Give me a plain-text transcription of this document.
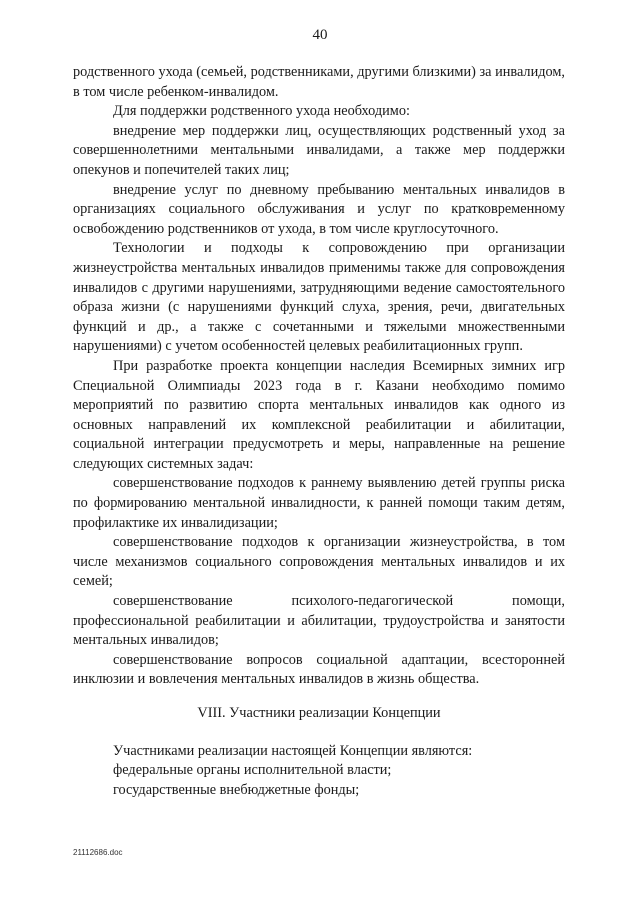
40

родственного ухода (семьей, родственниками, другими близкими) за инвалидом, в том числе ребенком-инвалидом.

Для поддержки родственного ухода необходимо:

внедрение мер поддержки лиц, осуществляющих родственный уход за совершеннолетними ментальными инвалидами, а также мер поддержки опекунов и попечителей таких лиц;

внедрение услуг по дневному пребыванию ментальных инвалидов в организациях социального обслуживания и услуг по кратковременному освобождению родственников от ухода, в том числе круглосуточного.

Технологии и подходы к сопровождению при организации жизнеустройства ментальных инвалидов применимы также для сопровождения инвалидов с другими нарушениями, затрудняющими ведение самостоятельного образа жизни (с нарушениями функций слуха, зрения, речи, двигательных функций и др., а также с сочетанными и тяжелыми множественными нарушениями) с учетом особенностей целевых реабилитационных групп.

При разработке проекта концепции наследия Всемирных зимних игр Специальной Олимпиады 2023 года в г. Казани необходимо помимо мероприятий по развитию спорта ментальных инвалидов как одного из основных направлений их комплексной реабилитации и абилитации, социальной интеграции предусмотреть и меры, направленные на решение следующих системных задач:

совершенствование подходов к раннему выявлению детей группы риска по формированию ментальной инвалидности, к ранней помощи таким детям, профилактике их инвалидизации;

совершенствование подходов к организации жизнеустройства, в том числе механизмов социального сопровождения ментальных инвалидов и их семей;

совершенствование психолого-педагогической помощи, профессиональной реабилитации и абилитации, трудоустройства и занятости ментальных инвалидов;

совершенствование вопросов социальной адаптации, всесторонней инклюзии и вовлечения ментальных инвалидов в жизнь общества.

VIII. Участники реализации Концепции

Участниками реализации настоящей Концепции являются:

федеральные органы исполнительной власти;

государственные внебюджетные фонды;

21112686.doc
